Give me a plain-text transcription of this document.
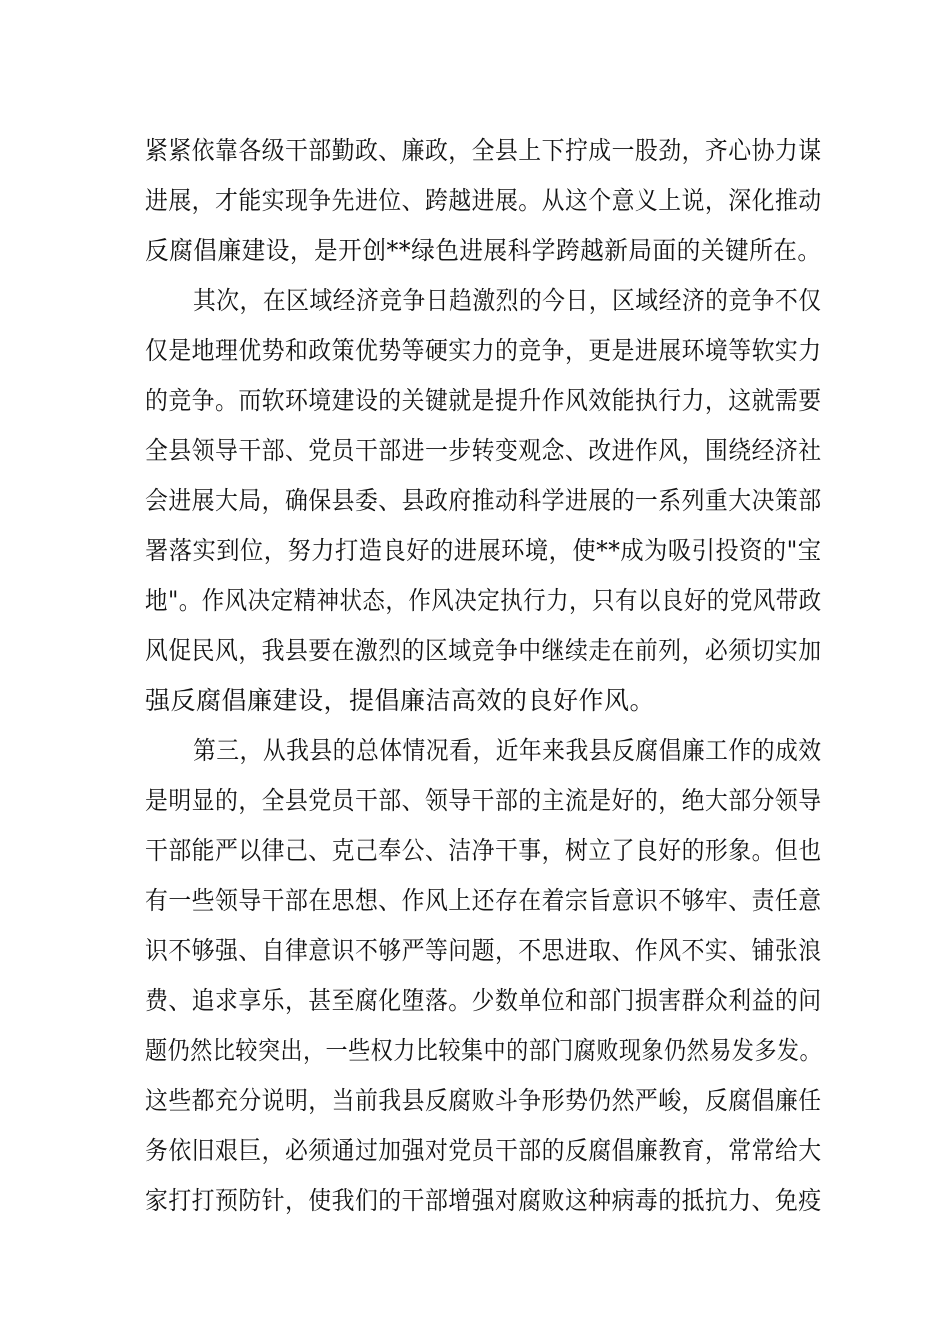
紧紧依靠各级干部勤政、廉政，全县上下拧成一股劲，齐心协力谋
进展，才能实现争先进位、跨越进展。从这个意义上说，深化推动
反腐倡廉建设，是开创**绿色进展科学跨越新局面的关键所在。
其次，在区域经济竞争日趋激烈的今日，区域经济的竞争不仅
仅是地理优势和政策优势等硬实力的竞争，更是进展环境等软实力
的竞争。而软环境建设的关键就是提升作风效能执行力，这就需要
全县领导干部、党员干部进一步转变观念、改进作风，围绕经济社
会进展大局，确保县委、县政府推动科学进展的一系列重大决策部
署落实到位，努力打造良好的进展环境，使**成为吸引投资的"宝
地"。作风决定精神状态，作风决定执行力，只有以良好的党风带政
风促民风，我县要在激烈的区域竞争中继续走在前列，必须切实加
强反腐倡廉建设，提倡廉洁高效的良好作风。
第三，从我县的总体情况看，近年来我县反腐倡廉工作的成效
是明显的，全县党员干部、领导干部的主流是好的，绝大部分领导
干部能严以律己、克己奉公、洁净干事，树立了良好的形象。但也
有一些领导干部在思想、作风上还存在着宗旨意识不够牢、责任意
识不够强、自律意识不够严等问题，不思进取、作风不实、铺张浪
费、追求享乐，甚至腐化堕落。少数单位和部门损害群众利益的问
题仍然比较突出，一些权力比较集中的部门腐败现象仍然易发多发。
这些都充分说明，当前我县反腐败斗争形势仍然严峻，反腐倡廉任
务依旧艰巨，必须通过加强对党员干部的反腐倡廉教育，常常给大
家打打预防针，使我们的干部增强对腐败这种病毒的抵抗力、免疫
